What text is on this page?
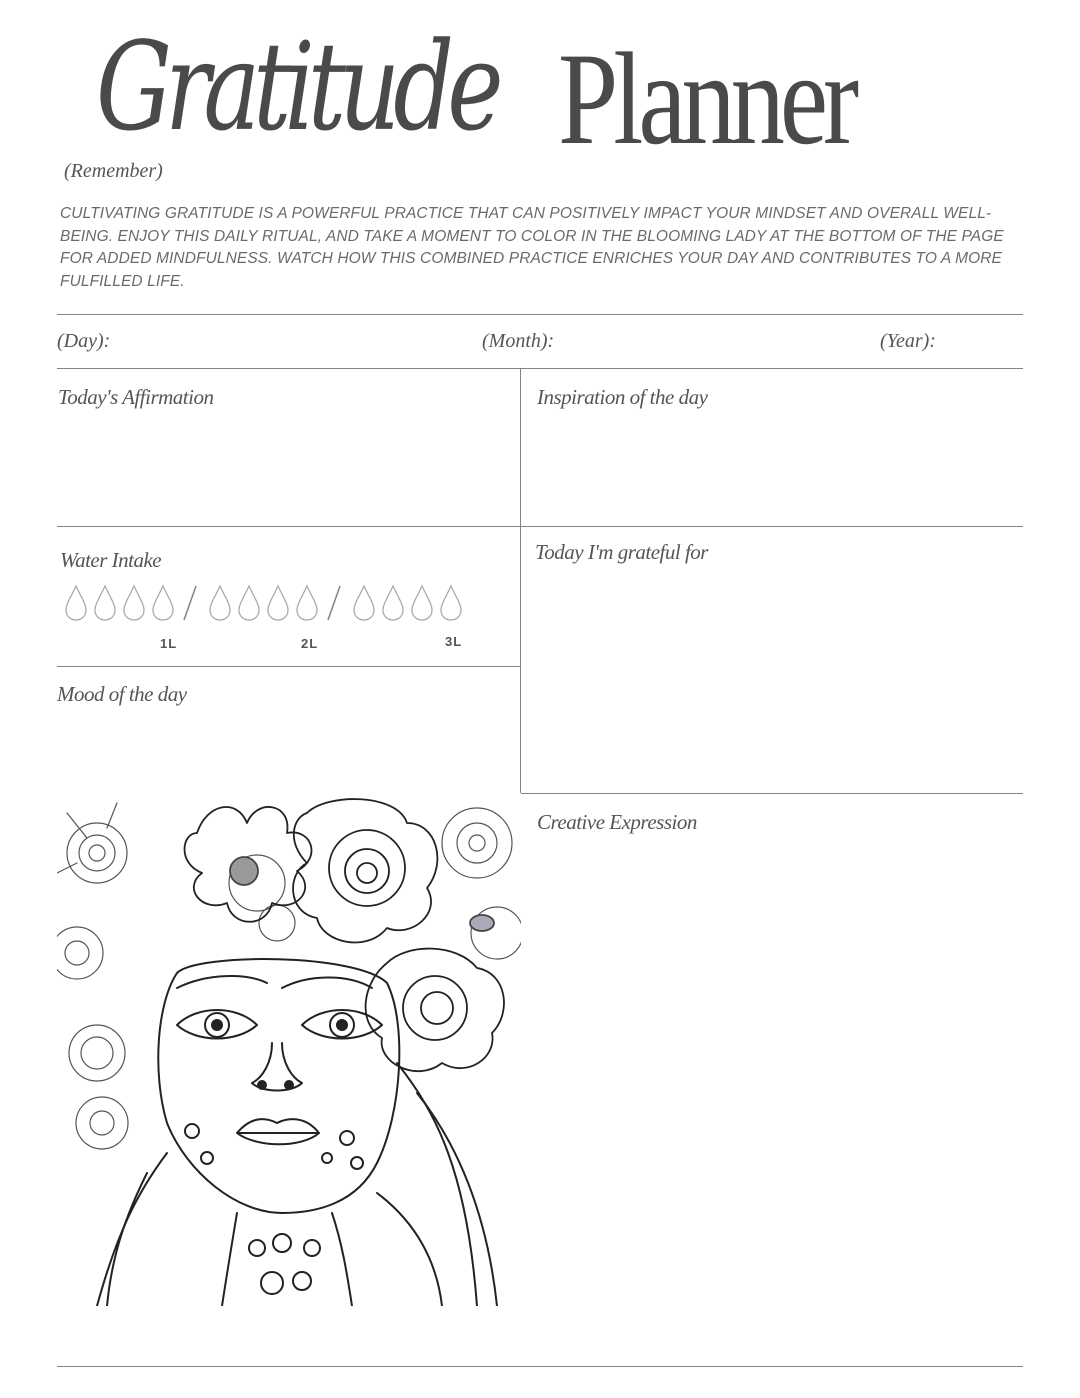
Gratitude Planner
(Remember)
CULTIVATING GRATITUDE IS A POWERFUL PRACTICE THAT CAN POSITIVELY IMPACT YOUR MINDSET AND OVERALL WELL-BEING. ENJOY THIS DAILY RITUAL, AND TAKE A MOMENT TO COLOR IN THE BLOOMING LADY AT THE BOTTOM OF THE PAGE FOR ADDED MINDFULNESS. WATCH HOW THIS COMBINED PRACTICE ENRICHES YOUR DAY AND CONTRIBUTES TO A MORE FULFILLED LIFE.
(Day):	(Month):	(Year):
Today's Affirmation	Inspiration of the day
Water Intake	Today I'm grateful for
Mood of the day
Creative Expression
1L	2L	3L
